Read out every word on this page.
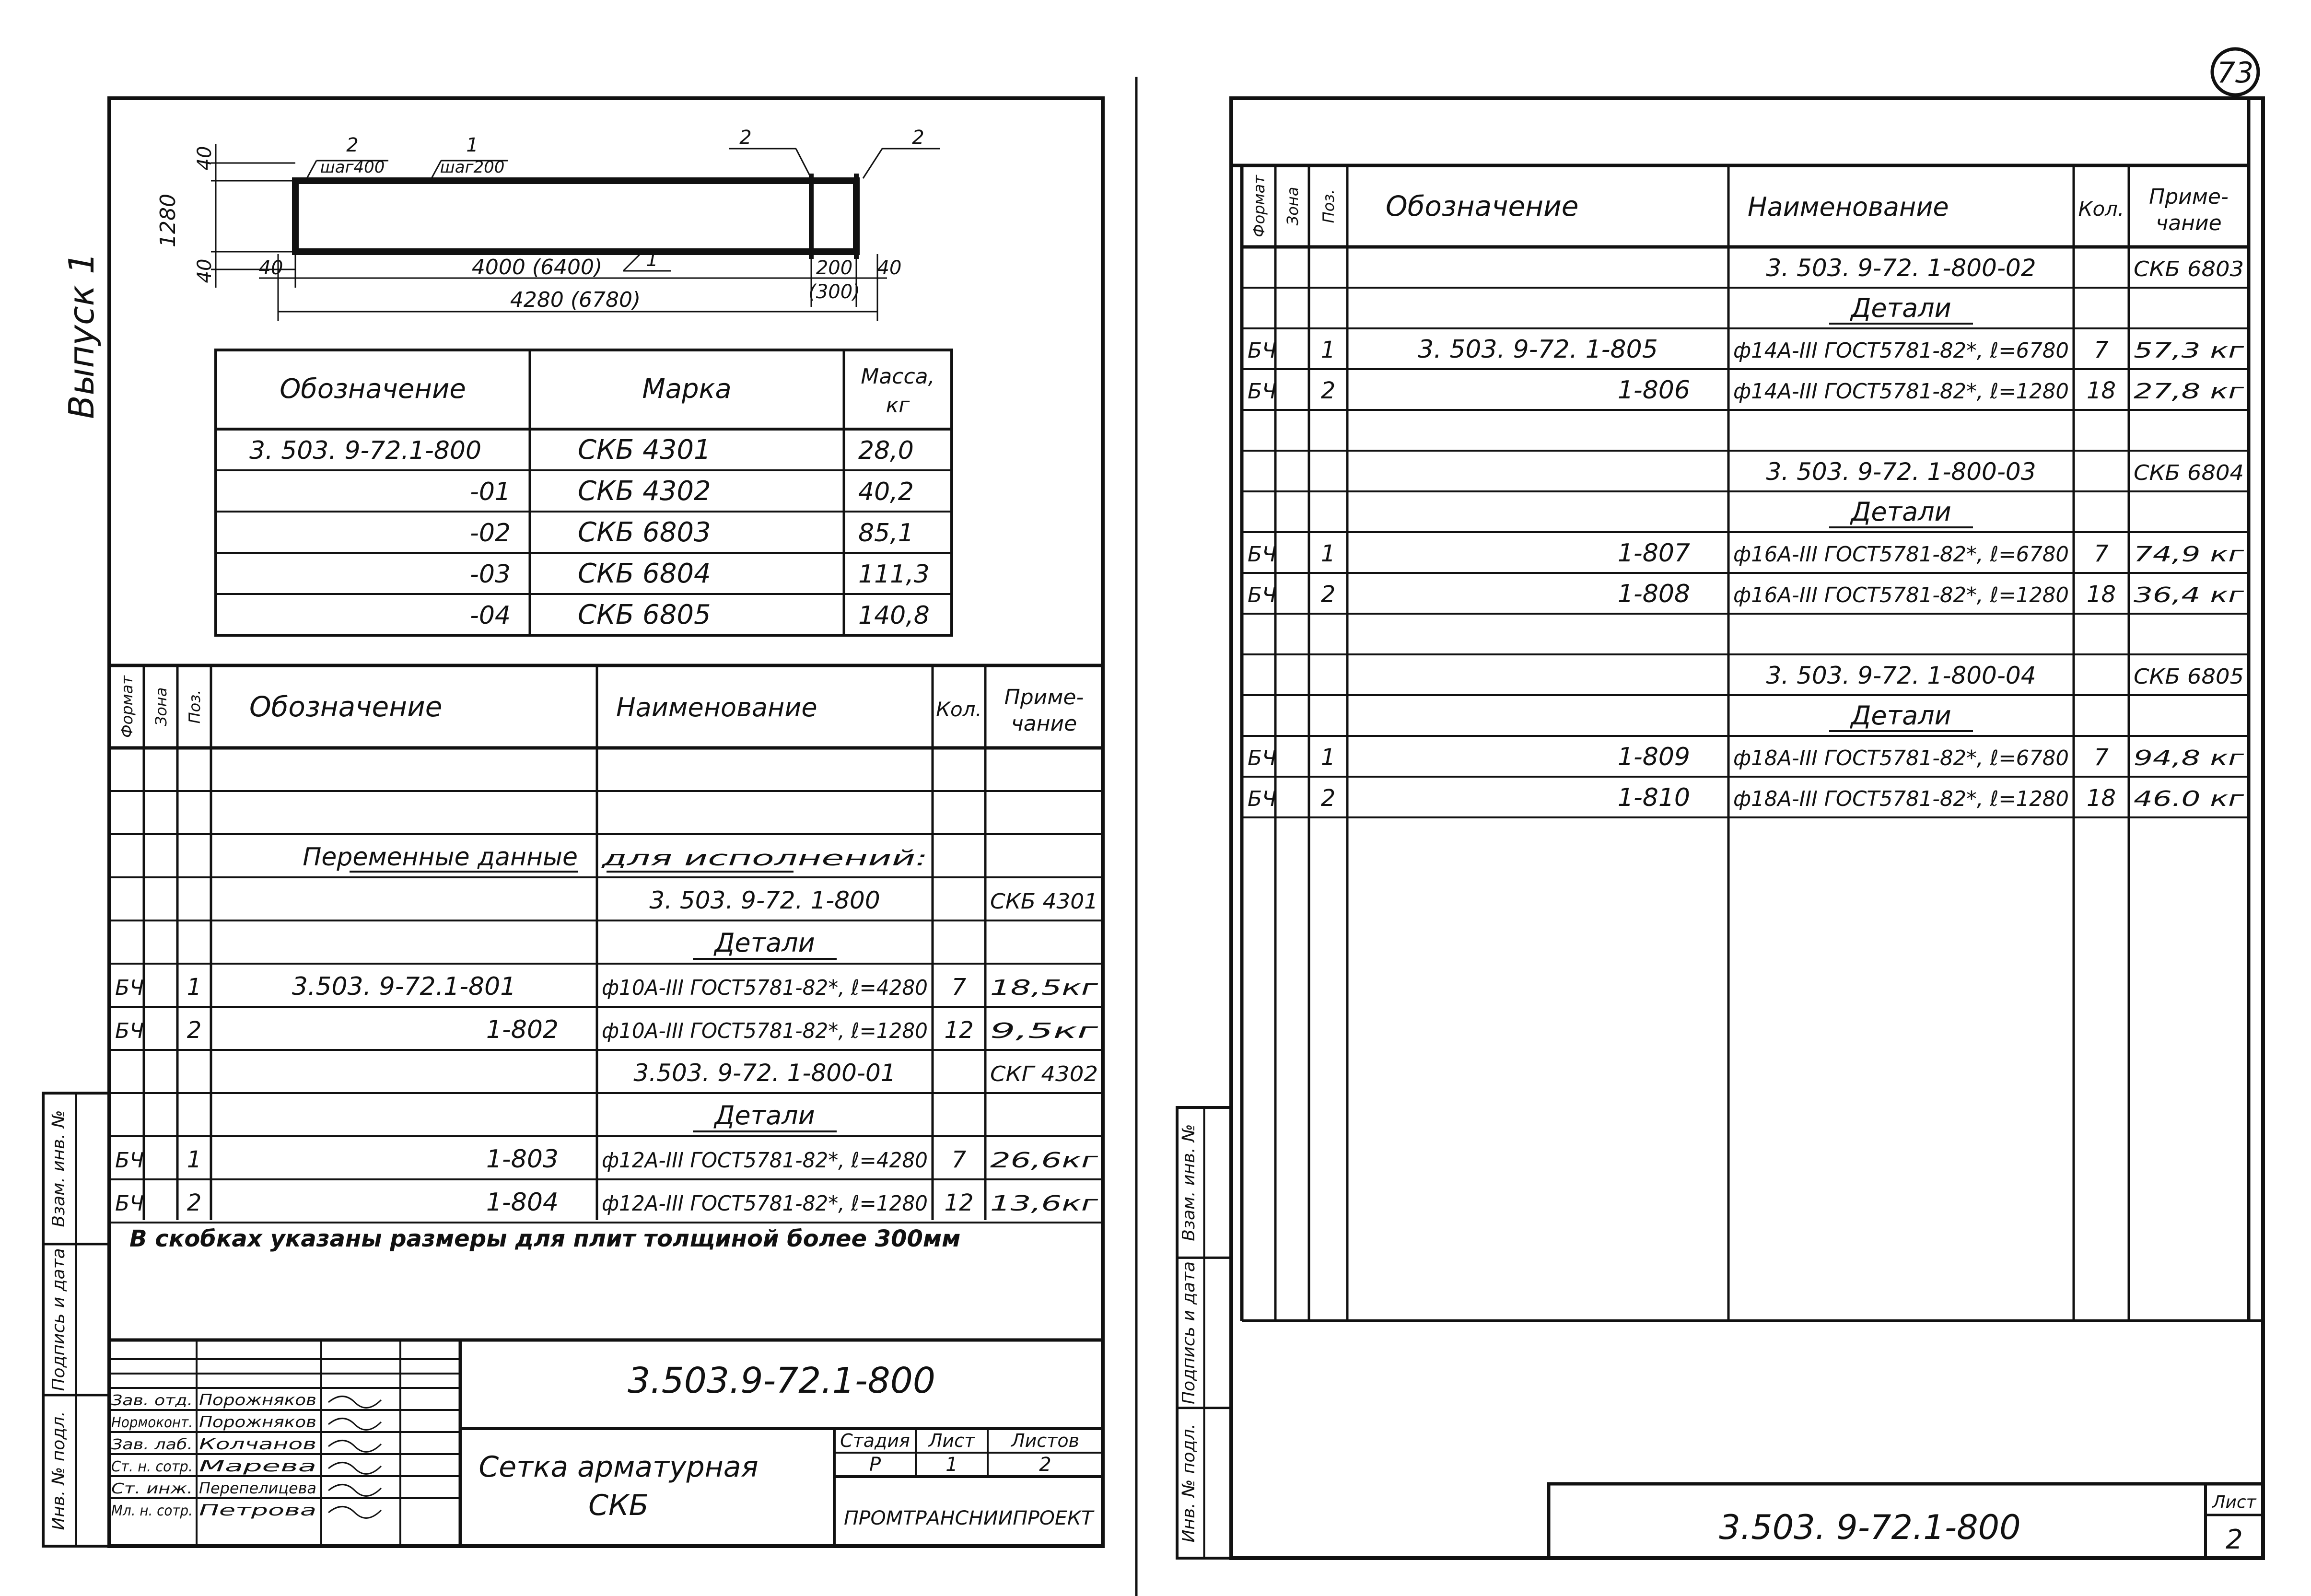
73
Выпуск 1
2
шаг400
1
шаг200
2	2
1
40
1280
40 40	4000 (6400)	200
(300)
40
4280 (6780)
Обозначение	Марка	Масса,
кг
3. 503. 9-72.1-800	СКБ 4301	28,0
-01	СКБ 4302	40,2
-02	СКБ 6803	85,1
-03	СКБ 6804	111,3
-04	СКБ 6805	140,8
Формат Зона Поз. Обозначение	Наименование	Кол. Приме-
чание
Переменные данные для исполнений:
3. 503. 9-72. 1-800	СКБ 4301
Детали
БЧ 1	3.503. 9-72.1-801	ф10А-III ГОСТ5781-82*, ℓ=4280 7 18,5кг
БЧ 2	1-802 ф10А-III ГОСТ5781-82*, ℓ=1280 12 9,5кг
3.503. 9-72. 1-800-01	СКГ 4302
Детали
БЧ 1	1-803 ф12А-III ГОСТ5781-82*, ℓ=4280 7 26,6кг
БЧ 2	1-804 ф12А-III ГОСТ5781-82*, ℓ=1280 12 13,6кг
В скобках указаны размеры для плит толщиной более 300мм
Инв. № подл.
Подпись и дата
Взам. инв. №
3.503.9-72.1-800
Сетка арматурная
СКБ
Стадия Лист Листов
Р	1	2
ПРОМТРАНСНИИПРОЕКТ
Зав. отд. Порожняков
Нормоконт. Порожняков
Зав. лаб. Колчанов
Ст. н. сотр. Марева
Ст. инж. Перепелицева
Мл. н. сотр. Петрова
Формат Зона Поз. Обозначение	Наименование	Кол. Приме-
чание
3. 503. 9-72. 1-800-02	СКБ 6803
Детали
БЧ 1	3. 503. 9-72. 1-805	ф14А-III ГОСТ5781-82*, ℓ=6780 7 57,3 кг
БЧ 2	1-806 ф14А-III ГОСТ5781-82*, ℓ=1280 18 27,8 кг
3. 503. 9-72. 1-800-03	СКБ 6804
Детали
БЧ 1	1-807 ф16А-III ГОСТ5781-82*, ℓ=6780 7 74,9 кг
БЧ 2	1-808 ф16А-III ГОСТ5781-82*, ℓ=1280 18 36,4 кг
3. 503. 9-72. 1-800-04	СКБ 6805
Детали
БЧ 1	1-809 ф18А-III ГОСТ5781-82*, ℓ=6780 7 94,8 кг
БЧ 2	1-810 ф18А-III ГОСТ5781-82*, ℓ=1280 18 46.0 кг
Инв. № подл.
Подпись и дата
Взам. инв. №
3.503. 9-72.1-800
Лист
2
